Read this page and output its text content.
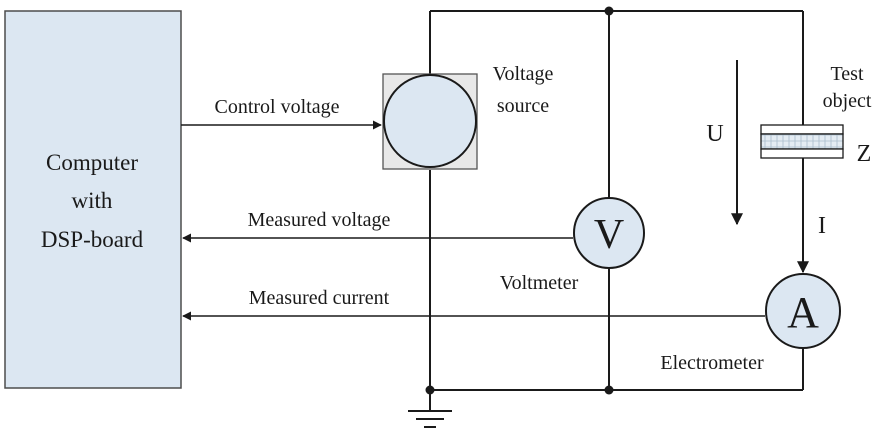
Computer
with
DSP-board
Voltage
source
Control voltage
Measured voltage
Measured current
V
Voltmeter
A
Electrometer
Test
object
Z
U
I
